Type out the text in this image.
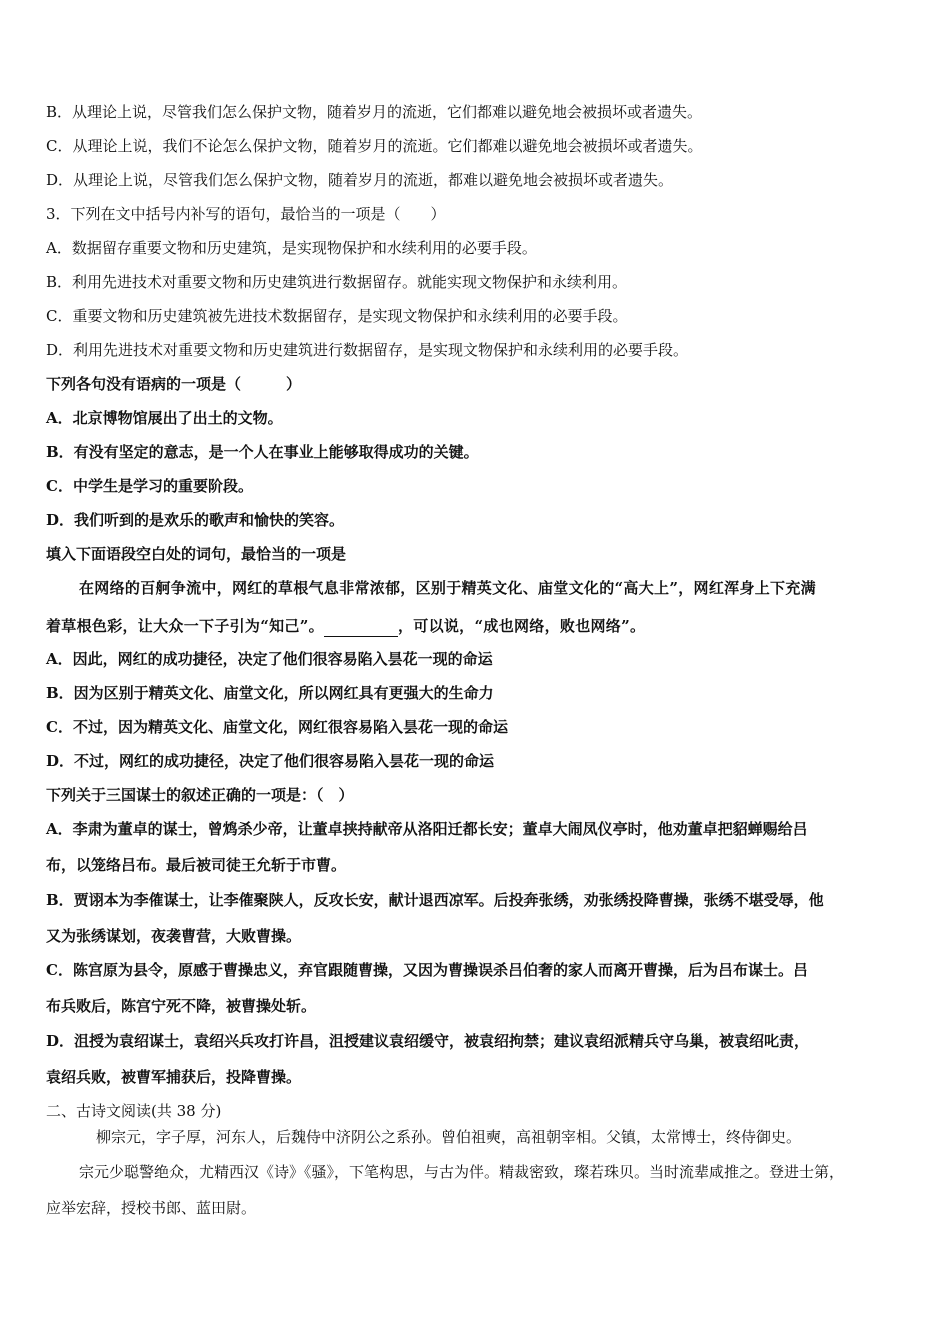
B．从理论上说，尽管我们怎么保护文物，随着岁月的流逝，它们都难以避免地会被损坏或者遗失。
C．从理论上说，我们不论怎么保护文物，随着岁月的流逝。它们都难以避免地会被损坏或者遗失。
D．从理论上说，尽管我们怎么保护文物，随着岁月的流逝，都难以避免地会被损坏或者遗失。
3．下列在文中括号内补写的语句，最恰当的一项是（　　）
A．数据留存重要文物和历史建筑，是实现物保护和水续利用的必要手段。
B．利用先进技术对重要文物和历史建筑进行数据留存。就能实现文物保护和永续利用。
C．重要文物和历史建筑被先进技术数据留存，是实现文物保护和永续利用的必要手段。
D．利用先进技术对重要文物和历史建筑进行数据留存，是实现文物保护和永续利用的必要手段。
下列各句没有语病的一项是（　　　）
A．北京博物馆展出了出土的文物。
B．有没有坚定的意志，是一个人在事业上能够取得成功的关键。
C．中学生是学习的重要阶段。
D．我们听到的是欢乐的歌声和愉快的笑容。
填入下面语段空白处的词句，最恰当的一项是
在网络的百舸争流中，网红的草根气息非常浓郁，区别于精英文化、庙堂文化的“高大上”，网红浑身上下充满
着草根色彩，让大众一下子引为“知己”。	，可以说，“成也网络，败也网络”。
A．因此，网红的成功捷径，决定了他们很容易陷入昙花一现的命运
B．因为区别于精英文化、庙堂文化，所以网红具有更强大的生命力
C．不过，因为精英文化、庙堂文化，网红很容易陷入昙花一现的命运
D．不过，网红的成功捷径，决定了他们很容易陷入昙花一现的命运
下列关于三国谋士的叙述正确的一项是：（　）
A．李肃为董卓的谋士，曾鸩杀少帝，让董卓挟持献帝从洛阳迁都长安；董卓大闹凤仪亭时，他劝董卓把貂蝉赐给吕
布，以笼络吕布。最后被司徒王允斩于市曹。
B．贾诩本为李傕谋士，让李傕聚陕人，反攻长安，献计退西凉军。后投奔张绣，劝张绣投降曹操，张绣不堪受辱，他
又为张绣谋划，夜袭曹营，大败曹操。
C．陈宫原为县令，原感于曹操忠义，弃官跟随曹操，又因为曹操误杀吕伯奢的家人而离开曹操，后为吕布谋士。吕
布兵败后，陈宫宁死不降，被曹操处斩。
D．沮授为袁绍谋士，袁绍兴兵攻打许昌，沮授建议袁绍缓守，被袁绍拘禁；建议袁绍派精兵守乌巢，被袁绍叱责，
袁绍兵败，被曹军捕获后，投降曹操。
二、古诗文阅读(共 38 分)
柳宗元，字子厚，河东人，后魏侍中济阴公之系孙。曾伯祖奭，高祖朝宰相。父镇，太常博士，终侍御史。
宗元少聪警绝众，尤精西汉《诗》《骚》，下笔构思，与古为伴。精裁密致，璨若珠贝。当时流辈咸推之。登进士第，
应举宏辞，授校书郎、蓝田尉。
